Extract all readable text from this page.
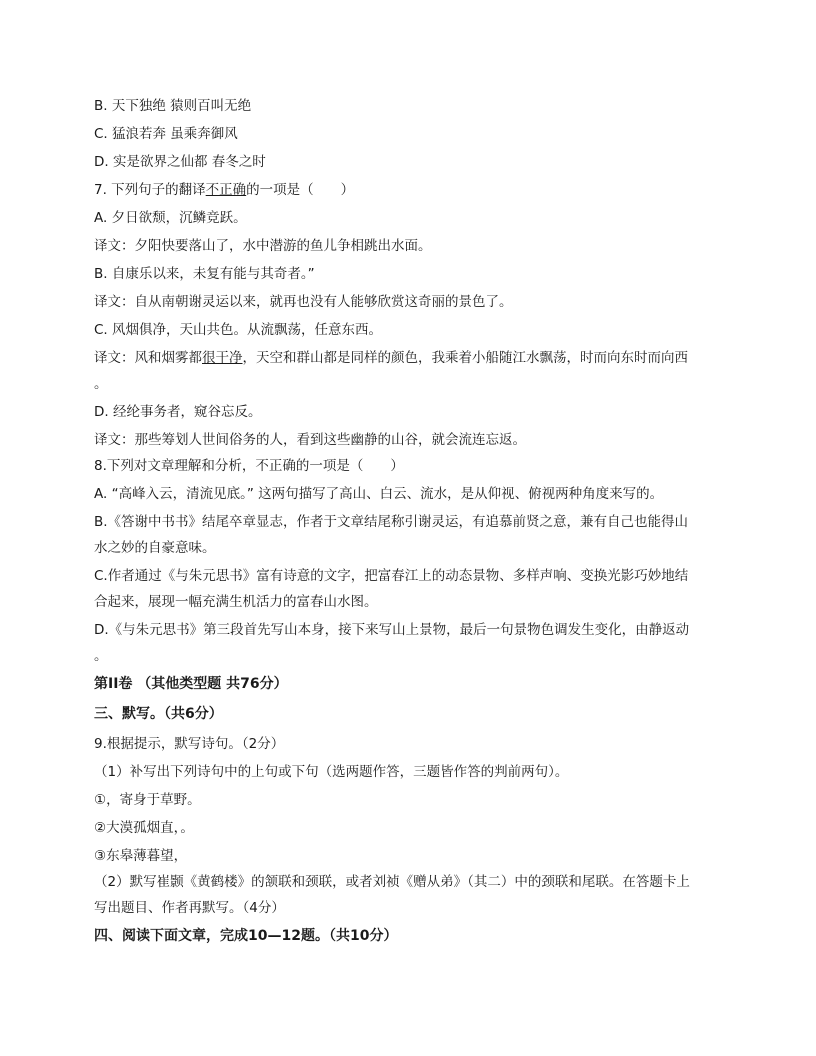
B. 天下独绝 猿则百叫无绝
C. 猛浪若奔 虽乘奔御风
D. 实是欲界之仙都 春冬之时
7. 下列句子的翻译不正确的一项是（　　）
A. 夕日欲颓，沉鳞竞跃。
译文：夕阳快要落山了，水中潜游的鱼儿争相跳出水面。
B. 自康乐以来，未复有能与其奇者。”
译文：自从南朝谢灵运以来，就再也没有人能够欣赏这奇丽的景色了。
C. 风烟俱净，天山共色。从流飘荡，任意东西。
译文：风和烟雾都很干净，天空和群山都是同样的颜色，我乘着小船随江水飘荡，时而向东时而向西
。
D. 经纶事务者，窥谷忘反。
译文：那些筹划人世间俗务的人，看到这些幽静的山谷，就会流连忘返。
8.下列对文章理解和分析，不正确的一项是（　　）
A. “高峰入云，清流见底。” 这两句描写了高山、白云、流水，是从仰视、俯视两种角度来写的。
B.《答谢中书书》结尾卒章显志，作者于文章结尾称引谢灵运，有追慕前贤之意，兼有自己也能得山
水之妙的自豪意味。
C.作者通过《与朱元思书》富有诗意的文字，把富春江上的动态景物、多样声响、变换光影巧妙地结
合起来，展现一幅充满生机活力的富春山水图。
D.《与朱元思书》第三段首先写山本身，接下来写山上景物，最后一句景物色调发生变化，由静返动
。
第II卷 （其他类型题 共76分）
三、默写。（共6分）
9.根据提示，默写诗句。（2分）
（1）补写出下列诗句中的上句或下句（选两题作答，三题皆作答的判前两句）。
①，寄身于草野。
②大漠孤烟直，。
③东皋薄暮望，
（2）默写崔颢《黄鹤楼》的颔联和颈联，或者刘祯《赠从弟》（其二）中的颈联和尾联。在答题卡上
写出题目、作者再默写。（4分）
四、阅读下面文章，完成10—12题。（共10分）
